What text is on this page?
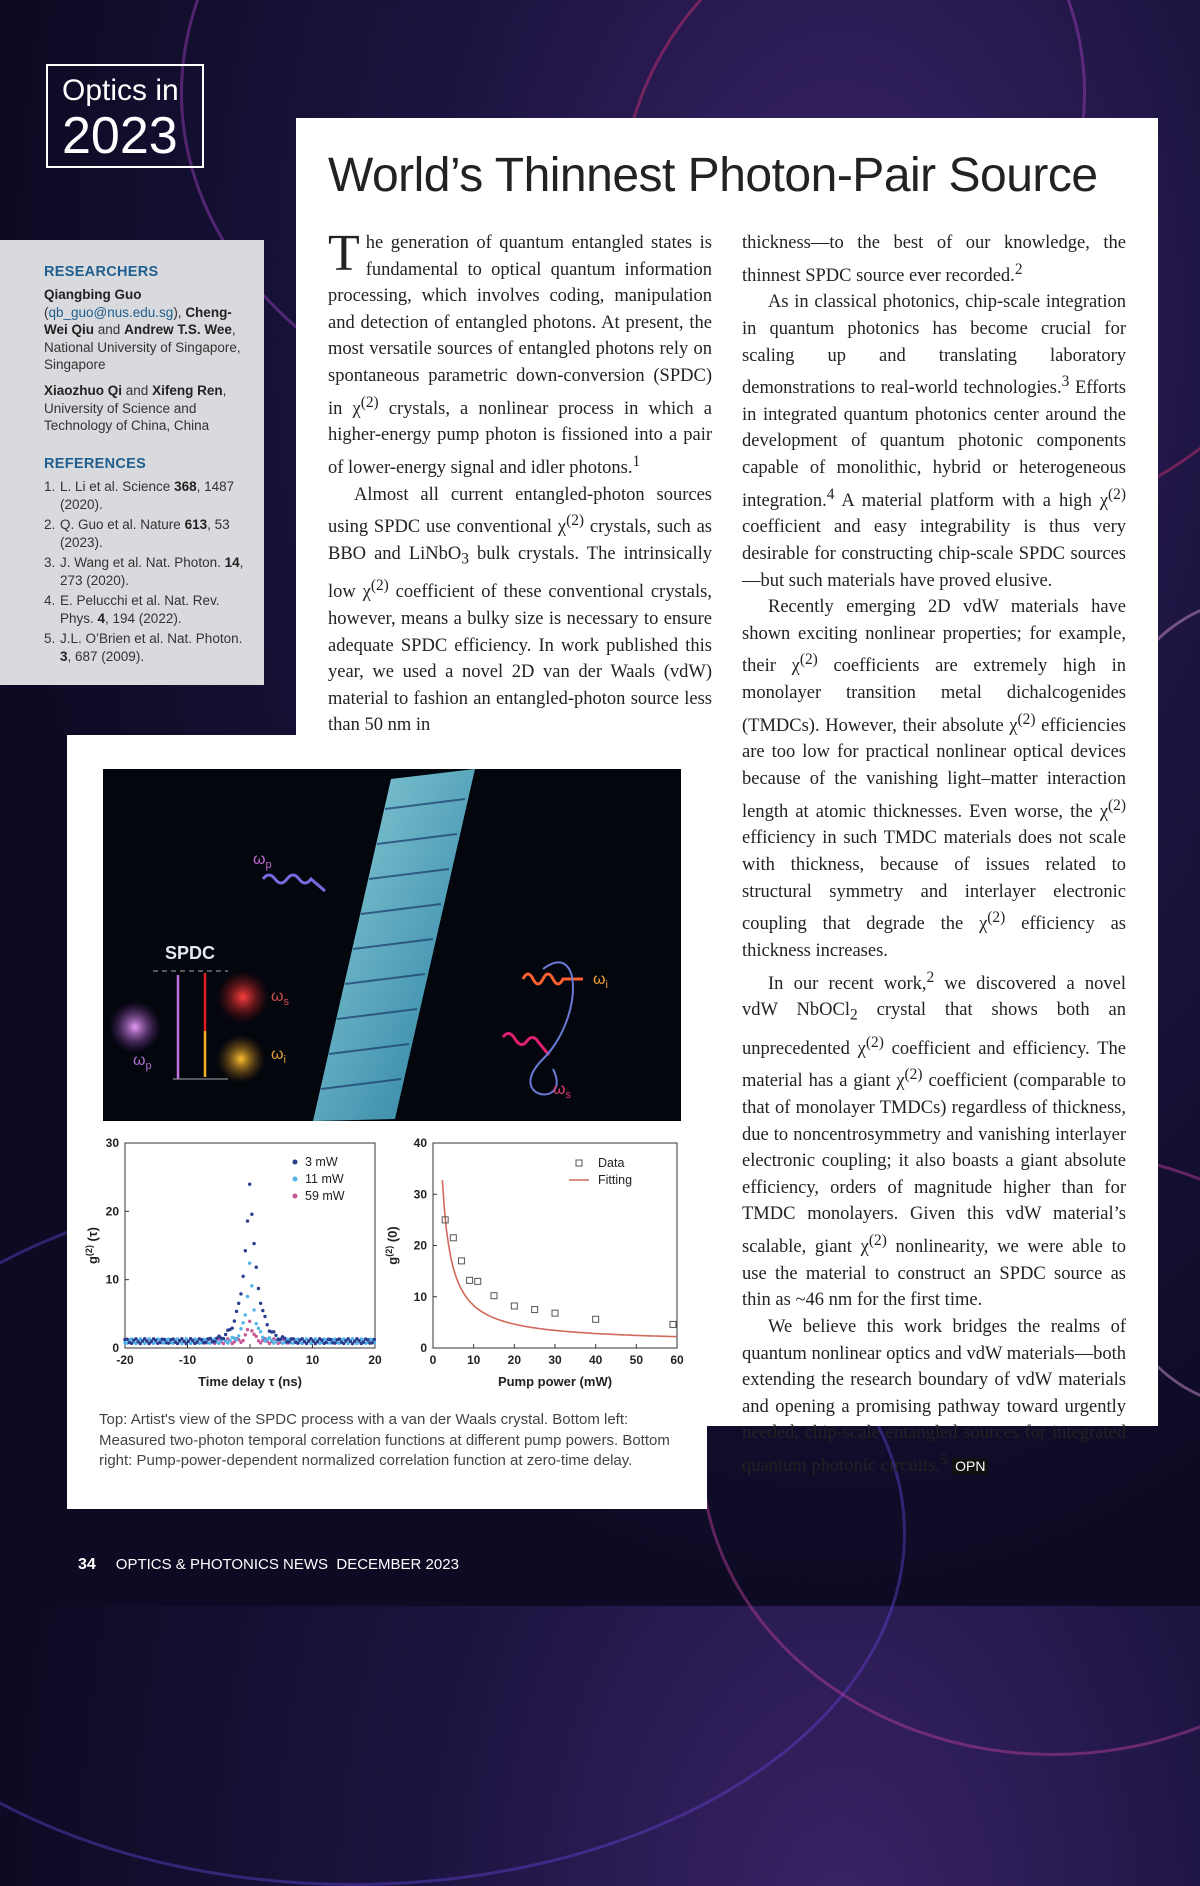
Optics in
2023
RESEARCHERS
Qiangbing Guo (qb_guo@nus.edu.sg), Cheng-Wei Qiu and Andrew T.S. Wee, National University of Singapore, Singapore
Xiaozhuo Qi and Xifeng Ren, University of Science and Technology of China, China
REFERENCES
1. L. Li et al. Science 368, 1487 (2020).
2. Q. Guo et al. Nature 613, 53 (2023).
3. J. Wang et al. Nat. Photon. 14, 273 (2020).
4. E. Pelucchi et al. Nat. Rev. Phys. 4, 194 (2022).
5. J.L. O’Brien et al. Nat. Photon. 3, 687 (2009).
World’s Thinnest Photon-Pair Source

The generation of quantum entangled states is fundamental to optical quantum information processing, which involves coding, manipulation and detection of entangled photons. At present, the most versatile sources of entangled photons rely on spontaneous parametric down-conversion (SPDC) in $\chi^{(2)}$ crystals, a nonlinear process in which a higher-energy pump photon is fissioned into a pair of lower-energy signal and idler photons.$^1$

Almost all current entangled-photon sources using SPDC use conventional $\chi^{(2)}$ crystals, such as BBO and LiNbO$_3$ bulk crystals. The intrinsically low $\chi^{(2)}$ coefficient of these conventional crystals, however, means a bulky size is necessary to ensure adequate SPDC efficiency. In work published this year, we used a novel 2D van der Waals (vdW) material to fashion an entangled-photon source less than 50 nm in

thickness—to the best of our knowledge, the thinnest SPDC source ever recorded.$^2$

As in classical photonics, chip-scale integration in quantum photonics has become crucial for scaling up and translating laboratory demonstrations to real-world technologies.$^3$ Efforts in integrated quantum photonics center around the development of quantum photonic components capable of monolithic, hybrid or heterogeneous integration.$^4$ A material platform with a high $\chi^{(2)}$ coefficient and easy integrability is thus very desirable for constructing chip-scale SPDC sources—but such materials have proved elusive.

Recently emerging 2D vdW materials have shown exciting nonlinear properties; for example, their $\chi^{(2)}$ coefficients are extremely high in monolayer transition metal dichalcogenides (TMDCs). However, their absolute $\chi^{(2)}$ efficiencies are too low for practical nonlinear optical devices because of the vanishing light–matter interaction length at atomic thicknesses. Even worse, the $\chi^{(2)}$ efficiency in such TMDC materials does not scale with thickness, because of issues related to structural symmetry and interlayer electronic coupling that degrade the $\chi^{(2)}$ efficiency as thickness increases.

In our recent work,$^2$ we discovered a novel vdW NbOCl$_2$ crystal that shows both an unprecedented $\chi^{(2)}$ coefficient and efficiency. The material has a giant $\chi^{(2)}$ coefficient (comparable to that of monolayer TMDCs) regardless of thickness, due to noncentrosymmetry and vanishing interlayer electronic coupling; it also boasts a giant absolute efficiency, orders of magnitude higher than for TMDC monolayers. Given this vdW material’s scalable, giant $\chi^{(2)}$ nonlinearity, we were able to use the material to construct an SPDC source as thin as ~46 nm for the first time.

We believe this work bridges the realms of quantum nonlinear optics and vdW materials—both extending the research boundary of vdW materials and opening a promising pathway toward urgently needed, chip-scale entangled sources for integrated quantum photonic circuits.$^5$ OPN

$\omega_p$
SPDC
$\omega_s$
$\omega_i$
$\omega_p$
$\omega_i$
$\omega_s$
-20	-10	0	10	20
0
10
20
30
Time delay τ (ns)
$g^{(2)}$ (τ)
3 mW
11 mW
59 mW
0	10 20 30 40 50 60
0
10
20
30
40
Pump power (mW)
$g^{(2)}$ (0)
Data
Fitting
Top: Artist's view of the SPDC process with a van der Waals crystal. Bottom left: Measured two-photon temporal correlation functions at different pump powers. Bottom right: Pump-power-dependent normalized correlation function at zero-time delay.
34 OPTICS & PHOTONICS NEWS  DECEMBER 2023
